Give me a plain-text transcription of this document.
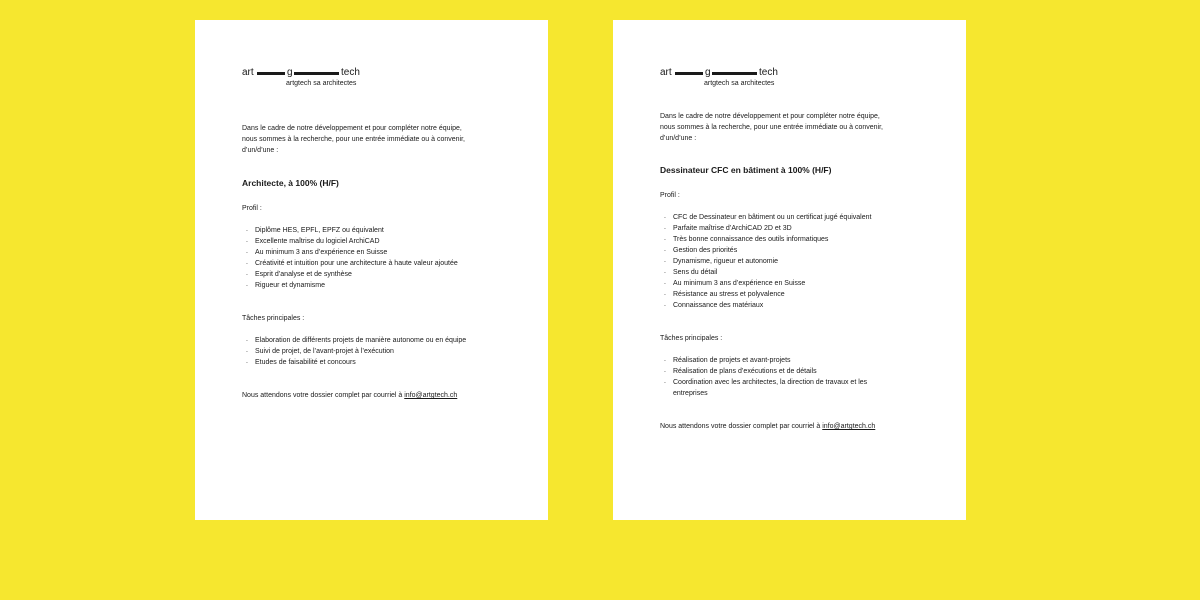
art	g	tech
artgtech sa architectes

Dans le cadre de notre développement et pour compléter notre équipe,
nous sommes à la recherche, pour une entrée immédiate ou à convenir,
d’un/d’une :

Architecte, à 100% (H/F)

Profil :

. Diplôme HES, EPFL, EPFZ ou équivalent
. Excellente maîtrise du logiciel ArchiCAD
. Au minimum 3 ans d’expérience en Suisse
. Créativité et intuition pour une architecture à haute valeur ajoutée
. Esprit d’analyse et de synthèse
. Rigueur et dynamisme

Tâches principales :

. Elaboration de différents projets de manière autonome ou en équipe
. Suivi de projet, de l’avant-projet à l’exécution
. Etudes de faisabilité et concours

Nous attendons votre dossier complet par courriel à info@artgtech.ch

art	g	tech
artgtech sa architectes

Dans le cadre de notre développement et pour compléter notre équipe,
nous sommes à la recherche, pour une entrée immédiate ou à convenir,
d’un/d’une :

Dessinateur CFC en bâtiment à 100% (H/F)

Profil :

. CFC de Dessinateur en bâtiment ou un certificat jugé équivalent
. Parfaite maîtrise d’ArchiCAD 2D et 3D
. Très bonne connaissance des outils informatiques
. Gestion des priorités
. Dynamisme, rigueur et autonomie
. Sens du détail
. Au minimum 3 ans d’expérience en Suisse
. Résistance au stress et polyvalence
. Connaissance des matériaux

Tâches principales :

. Réalisation de projets et avant-projets
. Réalisation de plans d’exécutions et de détails
. Coordination avec les architectes, la direction de travaux et les entreprises

Nous attendons votre dossier complet par courriel à info@artgtech.ch
